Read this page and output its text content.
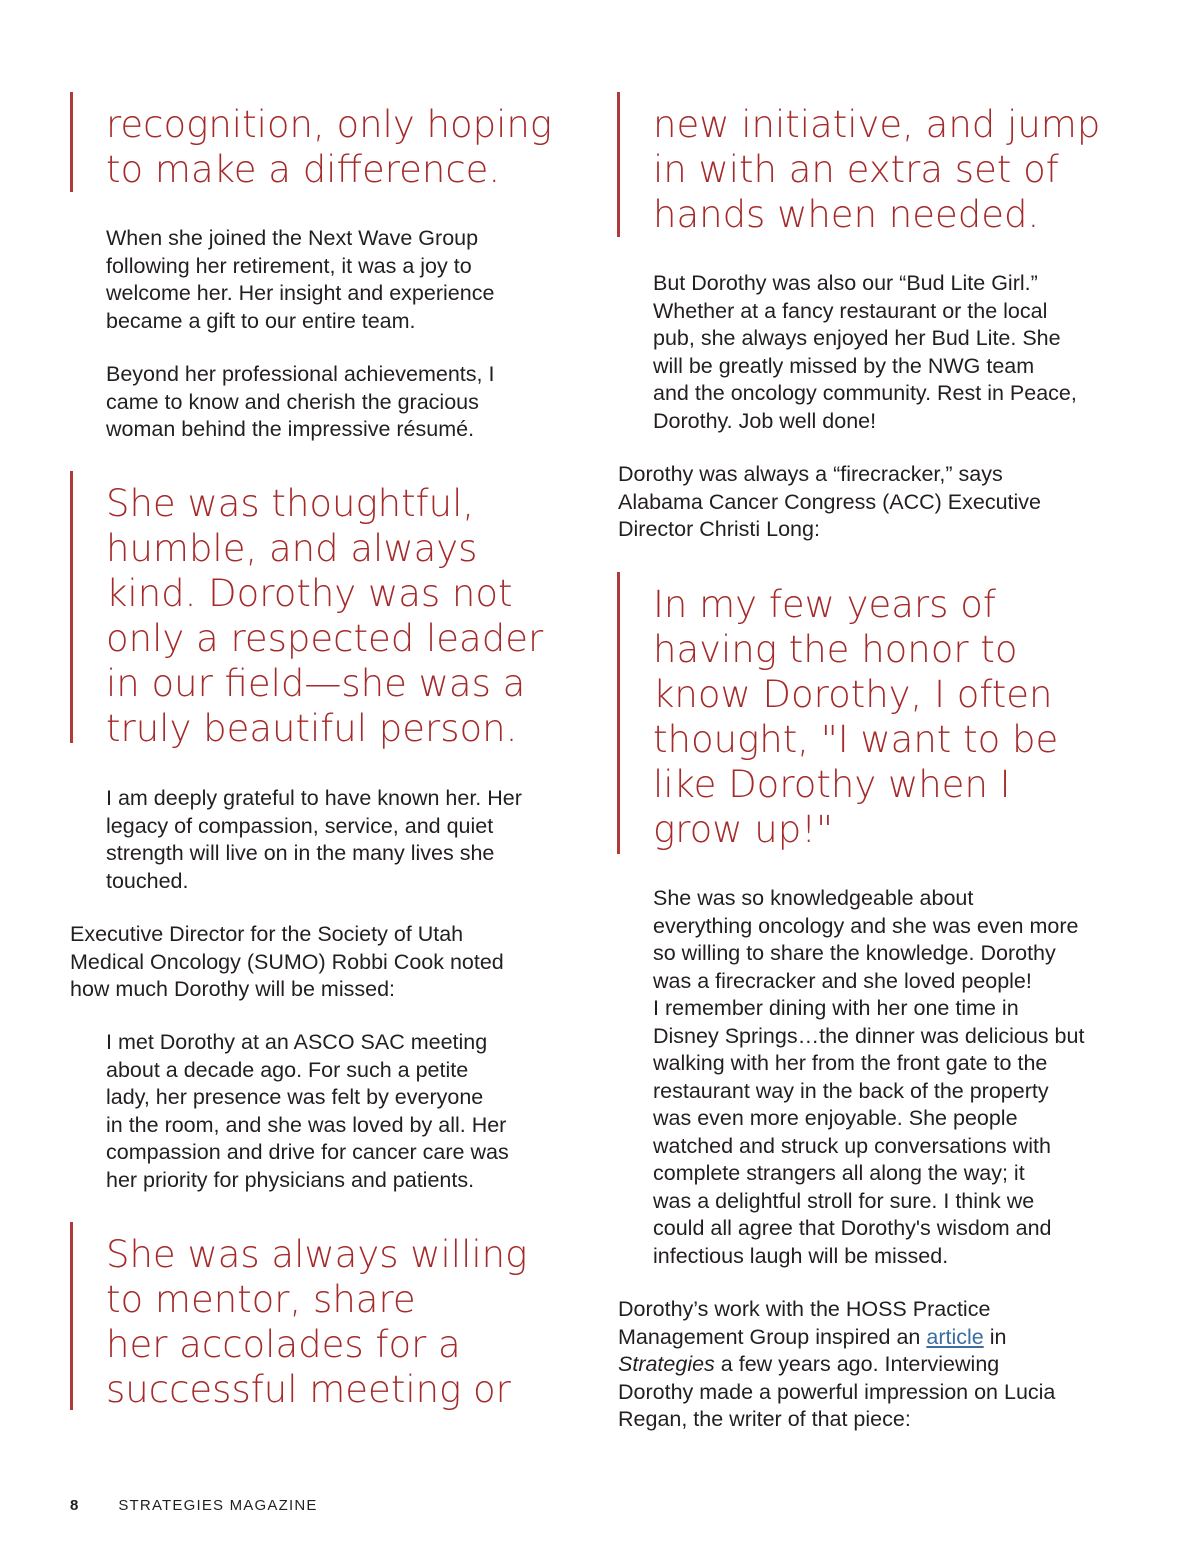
recognition, only hoping
to make a difference.

When she joined the Next Wave Group
following her retirement, it was a joy to
welcome her. Her insight and experience
became a gift to our entire team.

Beyond her professional achievements, I
came to know and cherish the gracious
woman behind the impressive résumé.

She was thoughtful,
humble, and always
kind. Dorothy was not
only a respected leader
in our field—she was a
truly beautiful person.

I am deeply grateful to have known her. Her
legacy of compassion, service, and quiet
strength will live on in the many lives she
touched.

Executive Director for the Society of Utah
Medical Oncology (SUMO) Robbi Cook noted
how much Dorothy will be missed:

I met Dorothy at an ASCO SAC meeting
about a decade ago. For such a petite
lady, her presence was felt by everyone
in the room, and she was loved by all. Her
compassion and drive for cancer care was
her priority for physicians and patients.

She was always willing
to mentor, share
her accolades for a
successful meeting or
new initiative, and jump
in with an extra set of
hands when needed.

But Dorothy was also our “Bud Lite Girl.”
Whether at a fancy restaurant or the local
pub, she always enjoyed her Bud Lite. She
will be greatly missed by the NWG team
and the oncology community. Rest in Peace,
Dorothy. Job well done!

Dorothy was always a “firecracker,” says
Alabama Cancer Congress (ACC) Executive
Director Christi Long:

In my few years of
having the honor to
know Dorothy, I often
thought, "I want to be
like Dorothy when I
grow up!"

She was so knowledgeable about
everything oncology and she was even more
so willing to share the knowledge. Dorothy
was a firecracker and she loved people!
I remember dining with her one time in
Disney Springs…the dinner was delicious but
walking with her from the front gate to the
restaurant way in the back of the property
was even more enjoyable. She people
watched and struck up conversations with
complete strangers all along the way; it
was a delightful stroll for sure. I think we
could all agree that Dorothy's wisdom and
infectious laugh will be missed.

Dorothy’s work with the HOSS Practice
Management Group inspired an article in
Strategies a few years ago. Interviewing
Dorothy made a powerful impression on Lucia
Regan, the writer of that piece:

8	STRATEGIES MAGAZINE
